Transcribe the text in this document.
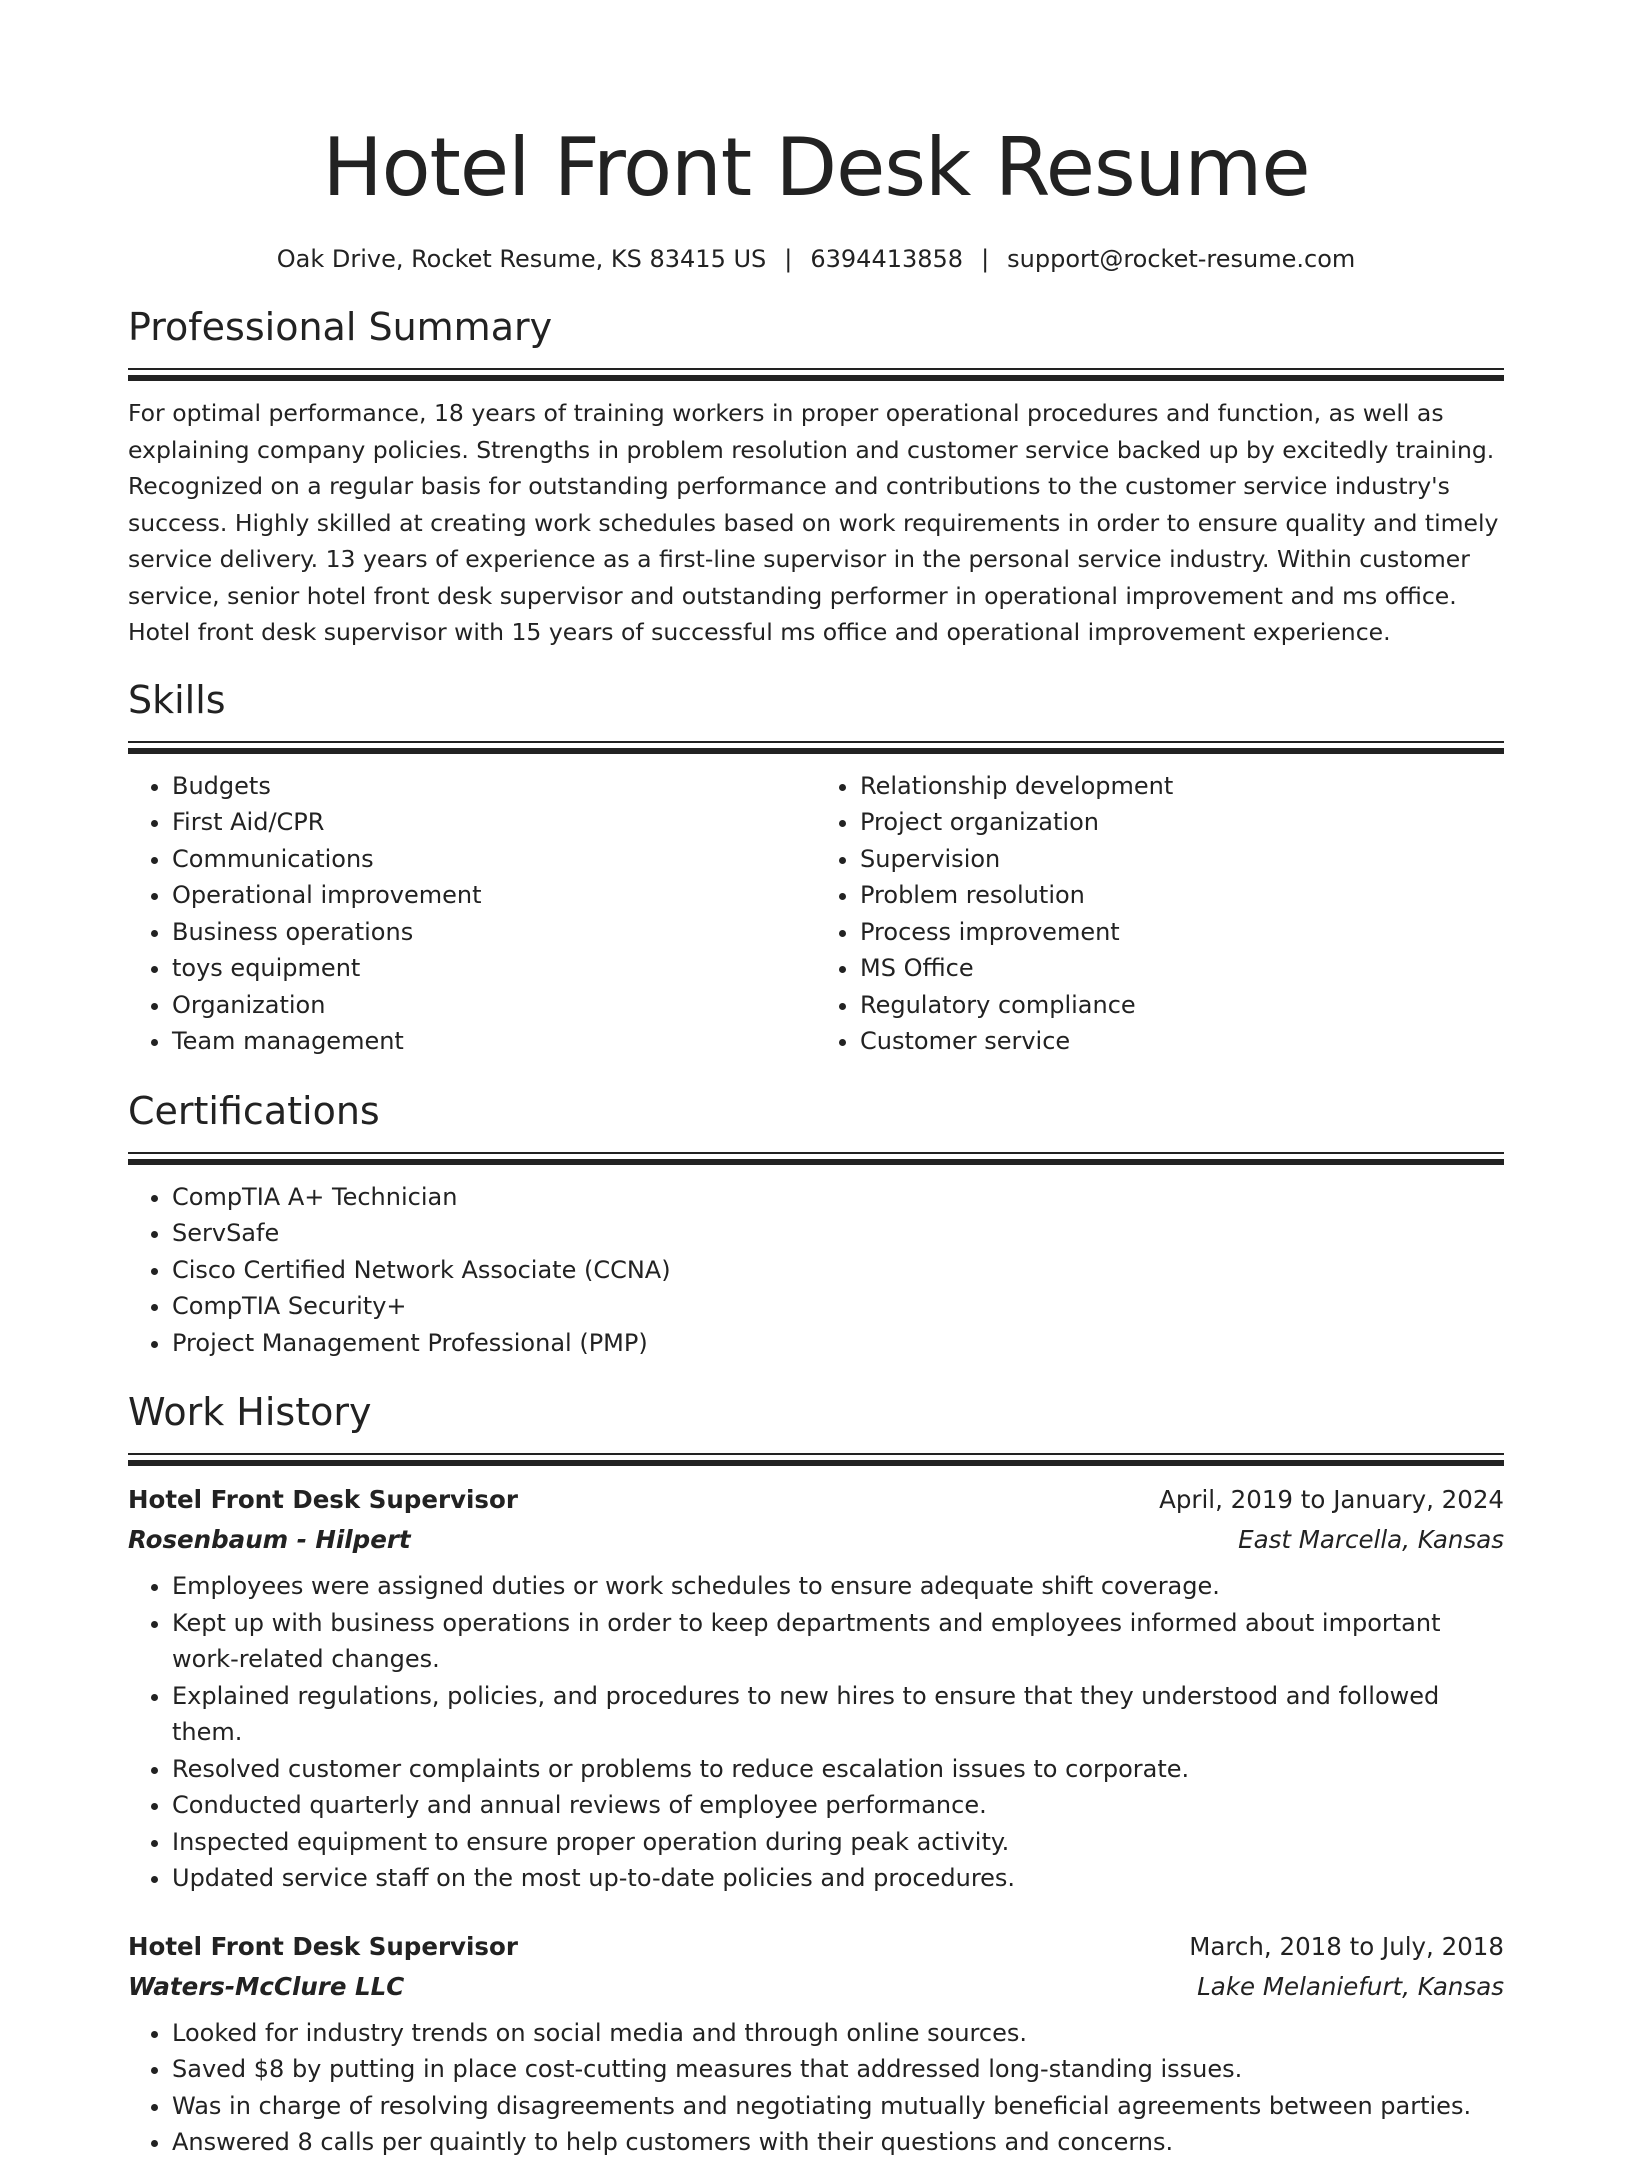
Hotel Front Desk Resume
Oak Drive, Rocket Resume, KS 83415 US | 6394413858 | support@rocket-resume.com
Professional Summary

For optimal performance, 18 years of training workers in proper operational procedures and function, as well as explaining company policies. Strengths in problem resolution and customer service backed up by excitedly training. Recognized on a regular basis for outstanding performance and contributions to the customer service industry's success. Highly skilled at creating work schedules based on work requirements in order to ensure quality and timely service delivery. 13 years of experience as a first-line supervisor in the personal service industry. Within customer service, senior hotel front desk supervisor and outstanding performer in operational improvement and ms office. Hotel front desk supervisor with 15 years of successful ms office and operational improvement experience.

Skills
• Budgets
• First Aid/CPR
• Communications
• Operational improvement
• Business operations
• toys equipment
• Organization
• Team management
• Relationship development
• Project organization
• Supervision
• Problem resolution
• Process improvement
• MS Office
• Regulatory compliance
• Customer service
Certifications
• CompTIA A+ Technician
• ServSafe
• Cisco Certified Network Associate (CCNA)
• CompTIA Security+
• Project Management Professional (PMP)
Work History
Hotel Front Desk Supervisor	April, 2019 to January, 2024
Rosenbaum - Hilpert	East Marcella, Kansas
• Employees were assigned duties or work schedules to ensure adequate shift coverage.
• Kept up with business operations in order to keep departments and employees informed about important work-related changes.
• Explained regulations, policies, and procedures to new hires to ensure that they understood and followed them.
• Resolved customer complaints or problems to reduce escalation issues to corporate.
• Conducted quarterly and annual reviews of employee performance.
• Inspected equipment to ensure proper operation during peak activity.
• Updated service staff on the most up-to-date policies and procedures.
Hotel Front Desk Supervisor	March, 2018 to July, 2018
Waters-McClure LLC	Lake Melaniefurt, Kansas
• Looked for industry trends on social media and through online sources.
• Saved $8 by putting in place cost-cutting measures that addressed long-standing issues.
• Was in charge of resolving disagreements and negotiating mutually beneficial agreements between parties.
• Answered 8 calls per quaintly to help customers with their questions and concerns.
